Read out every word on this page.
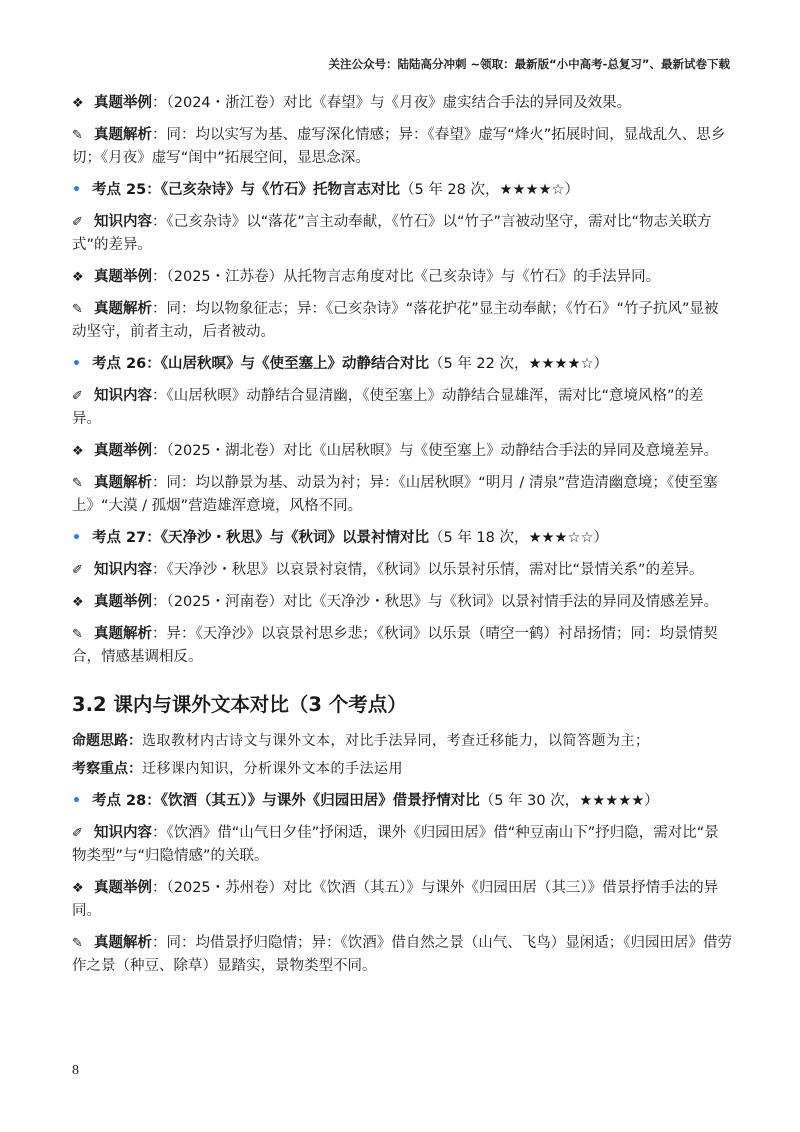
关注公众号：陆陆高分冲刺 ~领取：最新版“小中高考-总复习”、最新试卷下载

❖ 真题举例：（2024・浙江卷）对比《春望》与《月夜》虚实结合手法的异同及效果。

✎ 真题解析：同：均以实写为基、虚写深化情感；异：《春望》虚写“烽火”拓展时间，显战乱久、思乡切；《月夜》虚写“闺中”拓展空间，显思念深。

• 考点 25：《己亥杂诗》与《竹石》托物言志对比（5 年 28 次，★★★★☆）

✐ 知识内容：《己亥杂诗》以“落花”言主动奉献，《竹石》以“竹子”言被动坚守，需对比“物志关联方式”的差异。

❖ 真题举例：（2025・江苏卷）从托物言志角度对比《己亥杂诗》与《竹石》的手法异同。

✎ 真题解析：同：均以物象征志；异：《己亥杂诗》“落花护花”显主动奉献；《竹石》“竹子抗风”显被动坚守，前者主动，后者被动。

• 考点 26：《山居秋暝》与《使至塞上》动静结合对比（5 年 22 次，★★★★☆）

✐ 知识内容：《山居秋暝》动静结合显清幽，《使至塞上》动静结合显雄浑，需对比“意境风格”的差异。

❖ 真题举例：（2025・湖北卷）对比《山居秋暝》与《使至塞上》动静结合手法的异同及意境差异。

✎ 真题解析：同：均以静景为基、动景为衬；异：《山居秋暝》“明月 / 清泉”营造清幽意境；《使至塞上》“大漠 / 孤烟”营造雄浑意境，风格不同。

• 考点 27：《天净沙・秋思》与《秋词》以景衬情对比（5 年 18 次，★★★☆☆）

✐ 知识内容：《天净沙・秋思》以哀景衬哀情，《秋词》以乐景衬乐情，需对比“景情关系”的差异。

❖ 真题举例：（2025・河南卷）对比《天净沙・秋思》与《秋词》以景衬情手法的异同及情感差异。

✎ 真题解析：异：《天净沙》以哀景衬思乡悲；《秋词》以乐景（晴空一鹤）衬昂扬情；同：均景情契合，情感基调相反。

3.2 课内与课外文本对比（3 个考点）

命题思路：选取教材内古诗文与课外文本，对比手法异同，考查迁移能力，以简答题为主；

考察重点：迁移课内知识，分析课外文本的手法运用

• 考点 28：《饮酒（其五）》与课外《归园田居》借景抒情对比（5 年 30 次，★★★★★）

✐ 知识内容：《饮酒》借“山气日夕佳”抒闲适，课外《归园田居》借“种豆南山下”抒归隐，需对比“景物类型”与“归隐情感”的关联。

❖ 真题举例：（2025・苏州卷）对比《饮酒（其五）》与课外《归园田居（其三）》借景抒情手法的异同。

✎ 真题解析：同：均借景抒归隐情；异：《饮酒》借自然之景（山气、飞鸟）显闲适；《归园田居》借劳作之景（种豆、除草）显踏实，景物类型不同。

8
